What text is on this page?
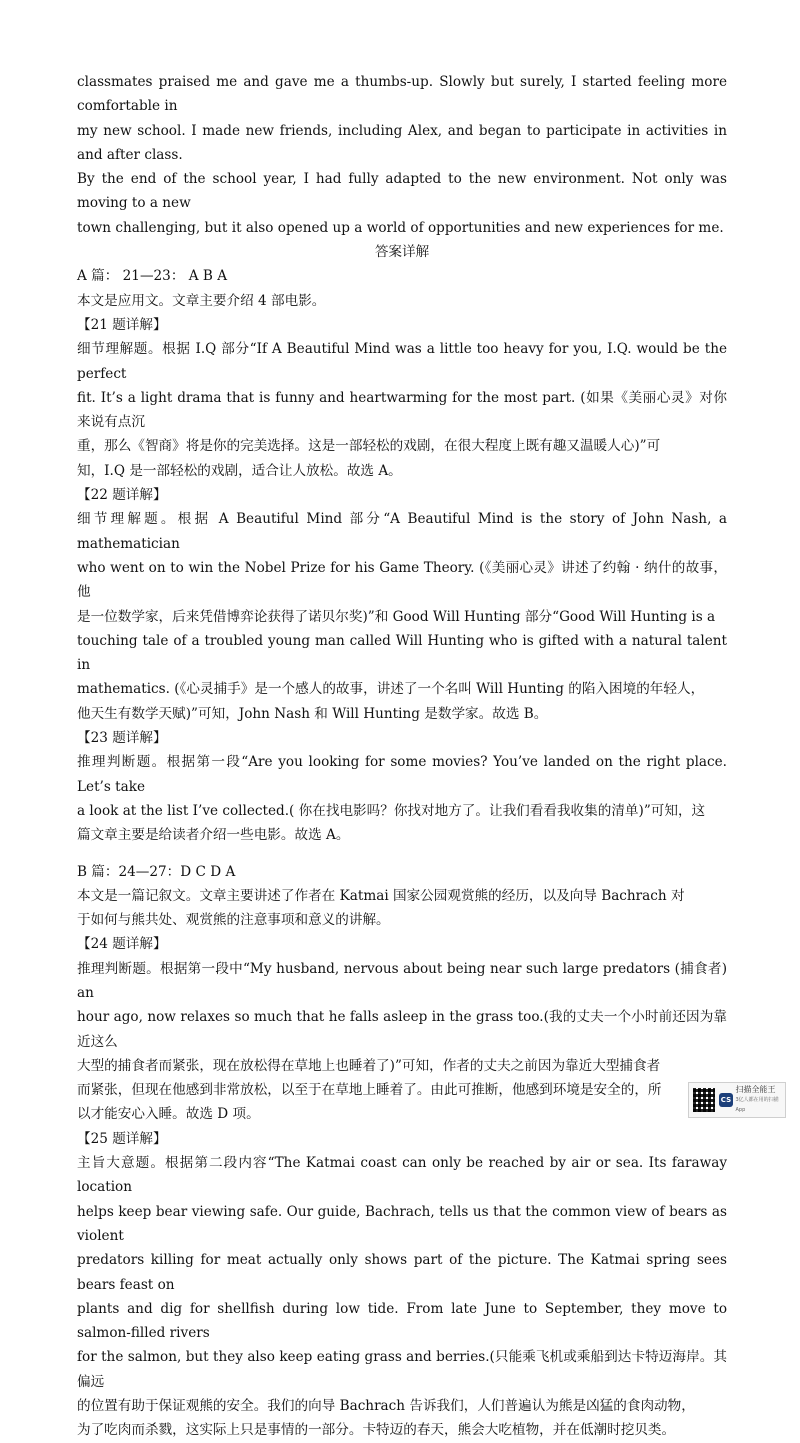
classmates praised me and gave me a thumbs-up. Slowly but surely, I started feeling more comfortable in

my new school. I made new friends, including Alex, and began to participate in activities in and after class.

By the end of the school year, I had fully adapted to the new environment. Not only was moving to a new

town challenging, but it also opened up a world of opportunities and new experiences for me.

答案详解

A 篇： 21—23： A B A

本文是应用文。文章主要介绍 4 部电影。

【21 题详解】

细节理解题。根据 I.Q 部分“If A Beautiful Mind was a little too heavy for you, I.Q. would be the perfect

fit. It’s a light drama that is funny and heartwarming for the most part. (如果《美丽心灵》对你来说有点沉

重，那么《智商》将是你的完美选择。这是一部轻松的戏剧，在很大程度上既有趣又温暖人心)”可

知，I.Q 是一部轻松的戏剧，适合让人放松。故选 A。

【22 题详解】

细节理解题。根据 A Beautiful Mind 部分“A Beautiful Mind is the story of John Nash, a mathematician

who went on to win the Nobel Prize for his Game Theory. (《美丽心灵》讲述了约翰 · 纳什的故事，他

是一位数学家，后来凭借博弈论获得了诺贝尔奖)”和 Good Will Hunting 部分“Good Will Hunting is a

touching tale of a troubled young man called Will Hunting who is gifted with a natural talent in

mathematics. (《心灵捕手》是一个感人的故事，讲述了一个名叫 Will Hunting 的陷入困境的年轻人，

他天生有数学天赋)”可知，John Nash 和 Will Hunting 是数学家。故选 B。

【23 题详解】

推理判断题。根据第一段“Are you looking for some movies? You’ve landed on the right place. Let’s take

a look at the list I’ve collected.( 你在找电影吗？你找对地方了。让我们看看我收集的清单)”可知，这

篇文章主要是给读者介绍一些电影。故选 A。

B 篇：24—27：D C D A

本文是一篇记叙文。文章主要讲述了作者在 Katmai 国家公园观赏熊的经历，以及向导 Bachrach 对

于如何与熊共处、观赏熊的注意事项和意义的讲解。

【24 题详解】

推理判断题。根据第一段中“My husband, nervous about being near such large predators (捕食者) an

hour ago, now relaxes so much that he falls asleep in the grass too.(我的丈夫一个小时前还因为靠近这么

大型的捕食者而紧张，现在放松得在草地上也睡着了)”可知，作者的丈夫之前因为靠近大型捕食者

而紧张，但现在他感到非常放松，以至于在草地上睡着了。由此可推断，他感到环境是安全的，所

以才能安心入睡。故选 D 项。

【25 题详解】

主旨大意题。根据第二段内容“The Katmai coast can only be reached by air or sea. Its faraway location

helps keep bear viewing safe. Our guide, Bachrach, tells us that the common view of bears as violent

predators killing for meat actually only shows part of the picture. The Katmai spring sees bears feast on

plants and dig for shellfish during low tide. From late June to September, they move to salmon-filled rivers

for the salmon, but they also keep eating grass and berries.(只能乘飞机或乘船到达卡特迈海岸。其偏远

的位置有助于保证观熊的安全。我们的向导 Bachrach 告诉我们，人们普遍认为熊是凶猛的食肉动物，

为了吃肉而杀戮，这实际上只是事情的一部分。卡特迈的春天，熊会大吃植物，并在低潮时挖贝类。

CS
扫描全能王
3亿人都在用的扫描App
